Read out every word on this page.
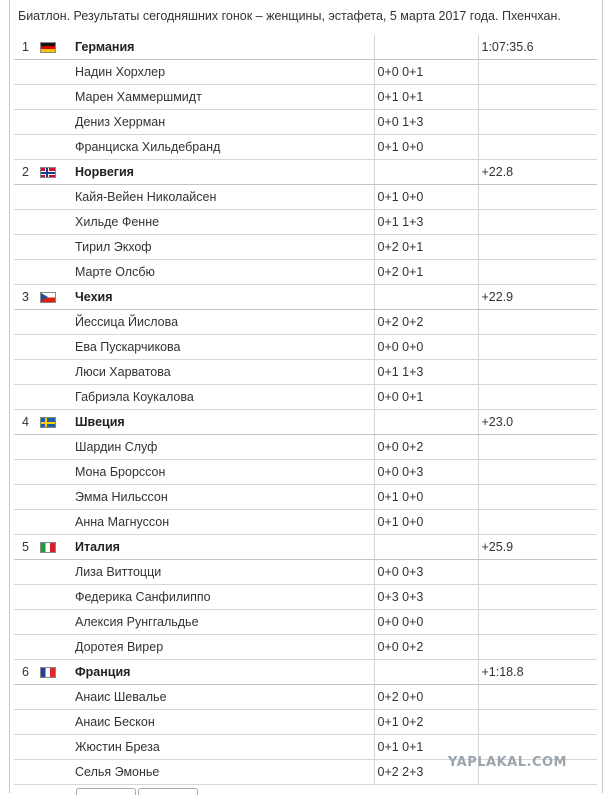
Биатлон. Результаты сегодняшних гонок – женщины, эстафета, 5 марта 2017 года. Пхенчхан.
1		Германия		1:07:35.6
		Надин Хорхлер	0+0 0+1	
		Марен Хаммершмидт	0+1 0+1	
		Дениз Херрман	0+0 1+3	
		Франциска Хильдебранд	0+1 0+0	
2		Норвегия		+22.8
		Кайя-Вейен Николайсен	0+1 0+0	
		Хильде Фенне	0+1 1+3	
		Тирил Экхоф	0+2 0+1	
		Марте Олсбю	0+2 0+1	
3		Чехия		+22.9
		Йессица Йислова	0+2 0+2	
		Ева Пускарчикова	0+0 0+0	
		Люси Харватова	0+1 1+3	
		Габриэла Коукалова	0+0 0+1	
4		Швеция		+23.0
		Шардин Слуф	0+0 0+2	
		Мона Брорссон	0+0 0+3	
		Эмма Нильссон	0+1 0+0	
		Анна Магнуссон	0+1 0+0	
5		Италия		+25.9
		Лиза Виттоцци	0+0 0+3	
		Федерика Санфилиппо	0+3 0+3	
		Алексия Рунггальдье	0+0 0+0	
		Доротея Вирер	0+0 0+2	
6		Франция		+1:18.8
		Анаис Шевалье	0+2 0+0	
		Анаис Бескон	0+1 0+2	
		Жюстин Бреза	0+1 0+1	
		Селья Эмонье	0+2 2+3	
YAPLAKAL.COM
